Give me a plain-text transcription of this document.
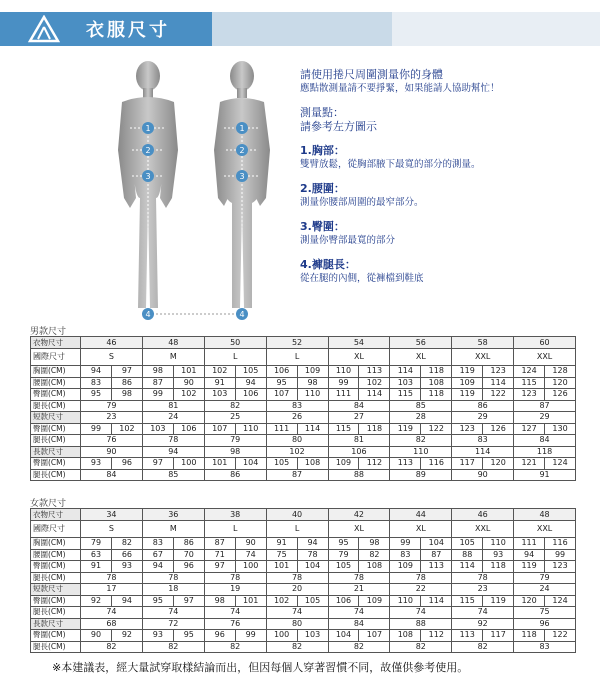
衣服尺寸
1
2
3
4
1
2
3
4
請使用捲尺周圍測量你的身體
應點散測量請不要掙緊，如果能請人協助幫忙！
測量點：
請參考左方圖示
1.胸部：
雙臂放鬆，從胸部腋下最寬的部分的測量。
2.腰圍：
測量你腰部周圍的最窄部分。
3.臀圍：
測量你臀部最寬的部分
4.褲腿長：
從在腿的內側，從褲檔到鞋底
男款尺寸
衣物尺寸	46		48		50		52		54		56		58		60	
國際尺寸	S		M		L		L		XL		XL		XXL		XXL	
胸圍(CM)	94	97	98	101	102	105	106	109	110	113	114	118	119	123	124	128
腰圍(CM)	83	86	87	90	91	94	95	98	99	102	103	108	109	114	115	120
臀圍(CM)	95	98	99	102	103	106	107	110	111	114	115	118	119	122	123	126
腿長(CM)	79		81		82		83		84		85		86		87	
短款尺寸	23		24		25		26		27		28		29		29	
臀圍(CM)	99	102	103	106	107	110	111	114	115	118	119	122	123	126	127	130
腿長(CM)	76		78		79		80		81		82		83		84	
長款尺寸	90		94		98		102		106		110		114		118	
臀圍(CM)	93	96	97	100	101	104	105	108	109	112	113	116	117	120	121	124
腿長(CM)	84		85		86		87		88		89		90		91	
女款尺寸
衣物尺寸	34		36		38		40		42		44		46		48	
國際尺寸	S		M		L		L		XL		XL		XXL		XXL	
胸圍(CM)	79	82	83	86	87	90	91	94	95	98	99	104	105	110	111	116
腰圍(CM)	63	66	67	70	71	74	75	78	79	82	83	87	88	93	94	99
臀圍(CM)	91	93	94	96	97	100	101	104	105	108	109	113	114	118	119	123
腿長(CM)	78		78		78		78		78		78		78		79	
短款尺寸	17		18		19		20		21		22		23		24	
臀圍(CM)	92	94	95	97	98	101	102	105	106	109	110	114	115	119	120	124
腿長(CM)	74		74		74		74		74		74		74		75	
長款尺寸	68		72		76		80		84		88		92		96	
臀圍(CM)	90	92	93	95	96	99	100	103	104	107	108	112	113	117	118	122
腿長(CM)	82		82		82		82		82		82		82		83	
※本建議表，經大量試穿取樣結論而出，但因每個人穿著習慣不同，故僅供參考使用。
